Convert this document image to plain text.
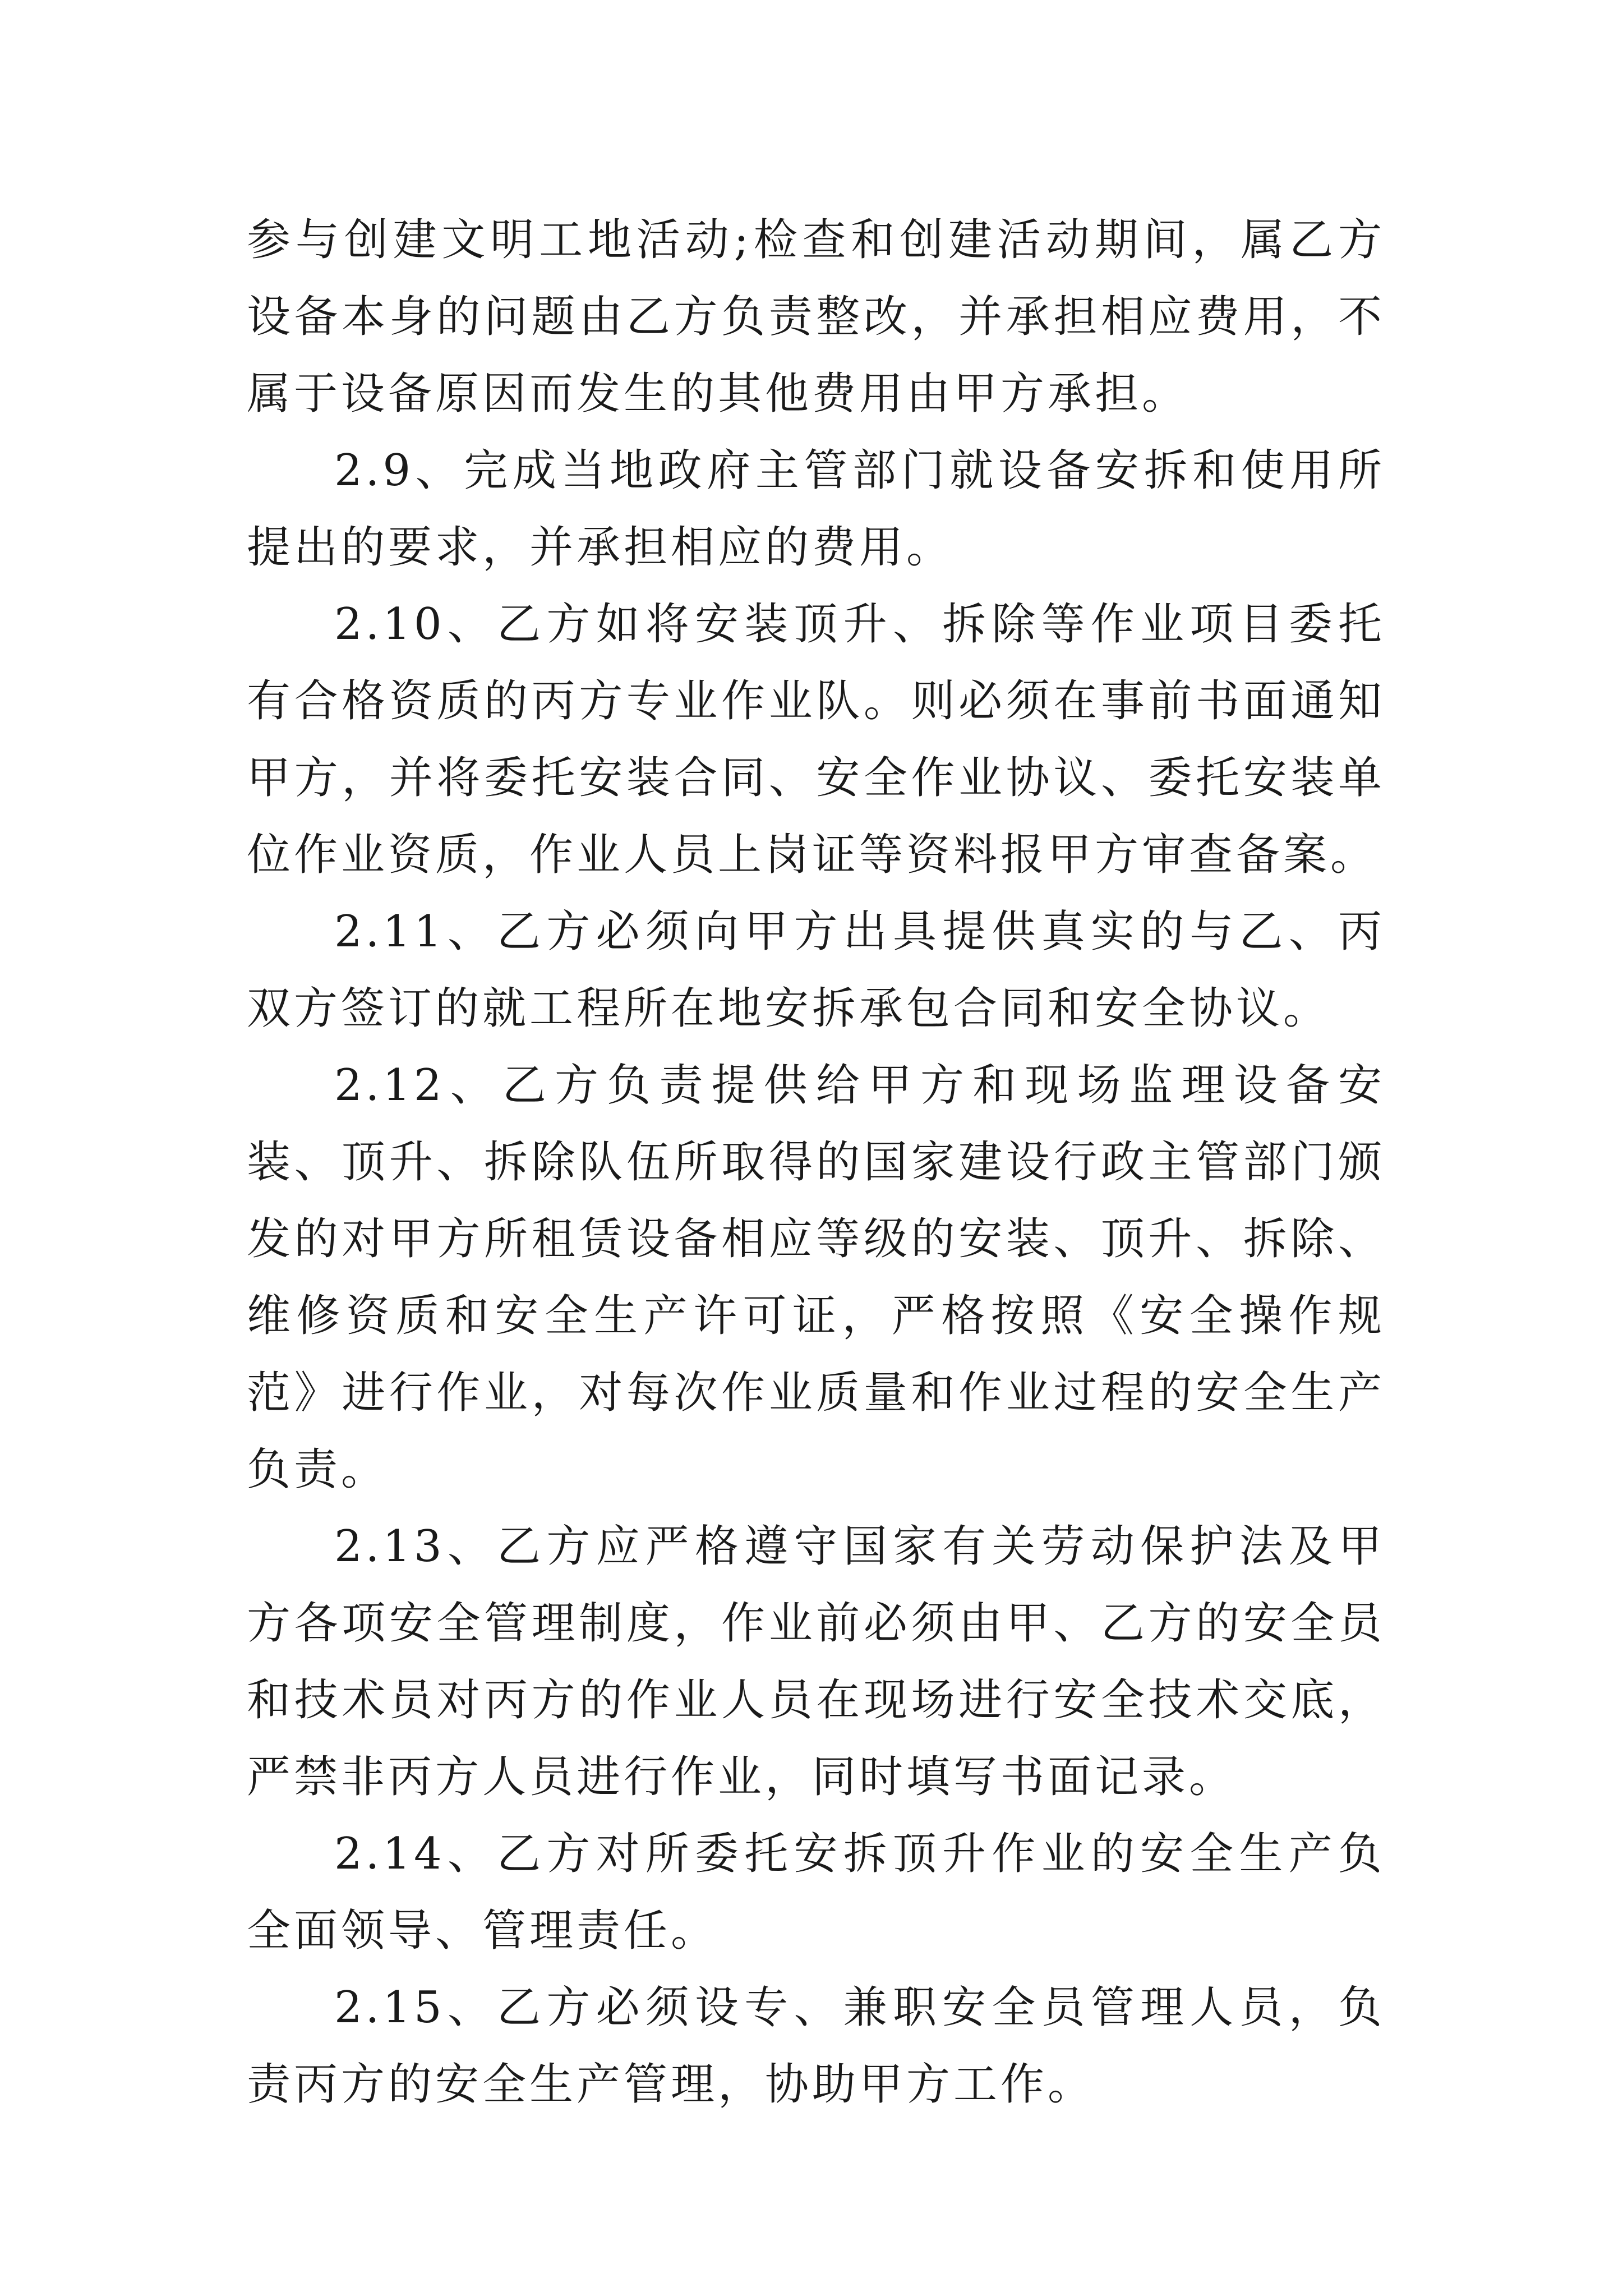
参与创建文明工地活动;检查和创建活动期间，属乙方设备本身的问题由乙方负责整改，并承担相应费用，不属于设备原因而发生的其他费用由甲方承担。

2.9、完成当地政府主管部门就设备安拆和使用所提出的要求，并承担相应的费用。

2.10、乙方如将安装顶升、拆除等作业项目委托有合格资质的丙方专业作业队。则必须在事前书面通知甲方，并将委托安装合同、安全作业协议、委托安装单位作业资质，作业人员上岗证等资料报甲方审查备案。

2.11、乙方必须向甲方出具提供真实的与乙、丙双方签订的就工程所在地安拆承包合同和安全协议。

2.12、乙方负责提供给甲方和现场监理设备安装、顶升、拆除队伍所取得的国家建设行政主管部门颁发的对甲方所租赁设备相应等级的安装、顶升、拆除、维修资质和安全生产许可证，严格按照《安全操作规范》进行作业，对每次作业质量和作业过程的安全生产负责。

2.13、乙方应严格遵守国家有关劳动保护法及甲方各项安全管理制度，作业前必须由甲、乙方的安全员和技术员对丙方的作业人员在现场进行安全技术交底，严禁非丙方人员进行作业，同时填写书面记录。

2.14、乙方对所委托安拆顶升作业的安全生产负全面领导、管理责任。

2.15、乙方必须设专、兼职安全员管理人员，负责丙方的安全生产管理，协助甲方工作。
